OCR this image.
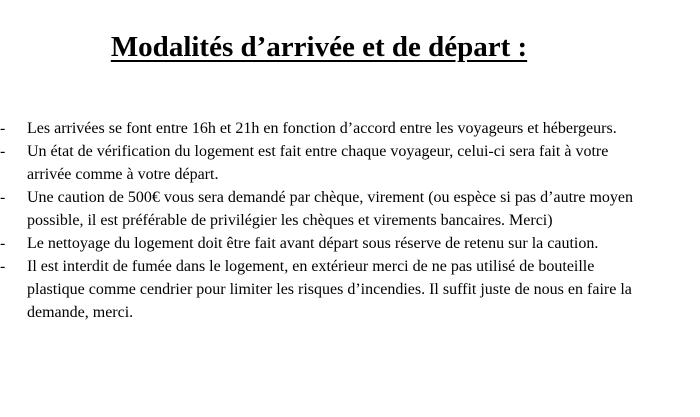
Modalités d’arrivée et de départ :
- Les arrivées se font entre 16h et 21h en fonction d’accord entre les voyageurs et hébergeurs.
- Un état de vérification du logement est fait entre chaque voyageur, celui-ci sera fait à votre arrivée comme à votre départ.
- Une caution de 500€ vous sera demandé par chèque, virement (ou espèce si pas d’autre moyen possible, il est préférable de privilégier les chèques et virements bancaires. Merci)
- Le nettoyage du logement doit être fait avant départ sous réserve de retenu sur la caution.
- Il est interdit de fumée dans le logement, en extérieur merci de ne pas utilisé de bouteille plastique comme cendrier pour limiter les risques d’incendies. Il suffit juste de nous en faire la demande, merci.
